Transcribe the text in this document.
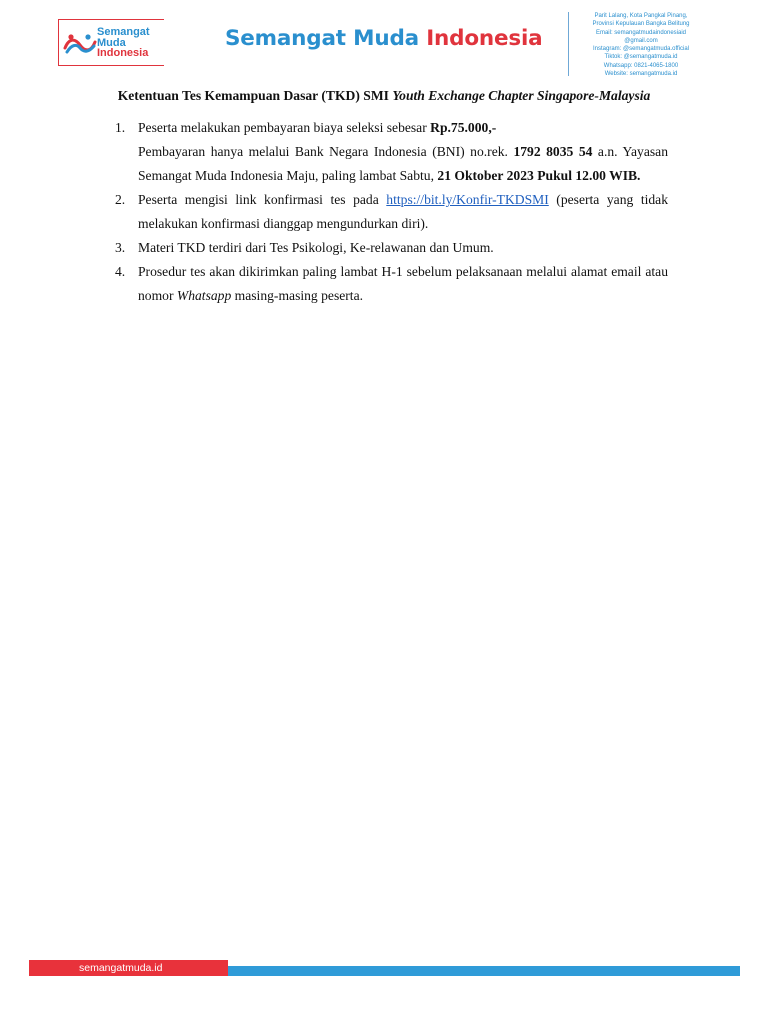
Semangat
Muda
Indonesia
Semangat Muda Indonesia
Parit Lalang, Kota Pangkal Pinang,
Provinsi Kepulauan Bangka Belitung
Email: semangatmudaindonesiaid
@gmail.com
Instagram: @semangatmuda.official
Tiktok: @semangatmuda.id
Whatsapp: 0821-4065-1800
Website: semangatmuda.id
Ketentuan Tes Kemampuan Dasar (TKD) SMI Youth Exchange Chapter Singapore-Malaysia
1. Peserta melakukan pembayaran biaya seleksi sebesar Rp.75.000,-
Pembayaran hanya melalui Bank Negara Indonesia (BNI) no.rek. 1792 8035 54 a.n. Yayasan Semangat Muda Indonesia Maju, paling lambat Sabtu, 21 Oktober 2023 Pukul 12.00 WIB.
2. Peserta mengisi link konfirmasi tes pada https://bit.ly/Konfir-TKDSMI (peserta yang tidak melakukan konfirmasi dianggap mengundurkan diri).
3. Materi TKD terdiri dari Tes Psikologi, Ke-relawanan dan Umum.
4. Prosedur tes akan dikirimkan paling lambat H-1 sebelum pelaksanaan melalui alamat email atau nomor Whatsapp masing-masing peserta.
semangatmuda.id
